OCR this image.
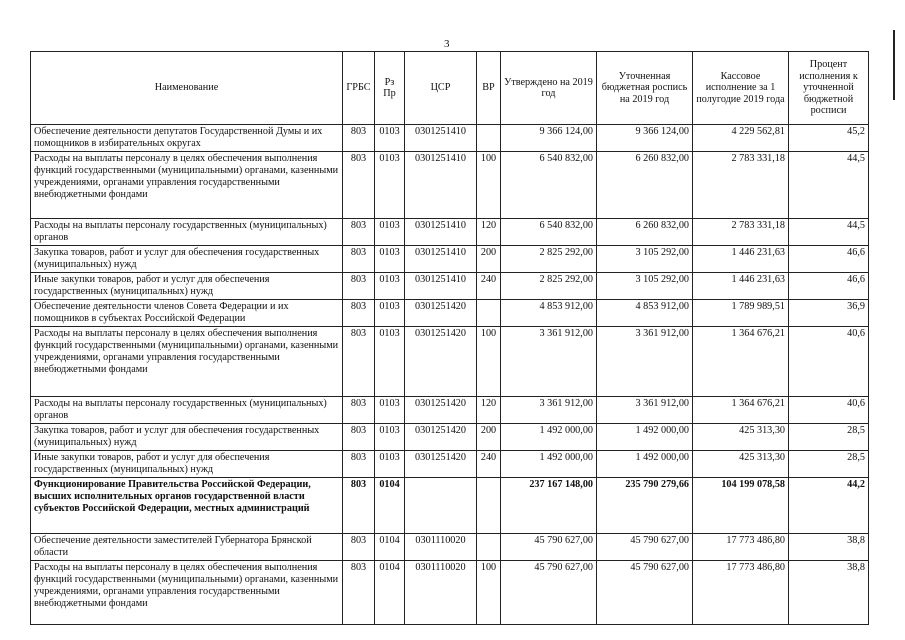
3
Наименование	ГРБС	Рз Пр	ЦСР	ВР	Утверждено на 2019 год	Уточненная бюджетная роспись на 2019 год	Кассовое исполнение за 1 полугодие 2019 года	Процент исполнения к уточненной бюджетной росписи
Обеспечение деятельности депутатов Государственной Думы и их помощников в избирательных округах	803	0103	0301251410		9 366 124,00	9 366 124,00	4 229 562,81	45,2
Расходы на выплаты персоналу в целях обеспечения выполнения функций государственными (муниципальными) органами, казенными учреждениями, органами управления государственными внебюджетными фондами	803	0103	0301251410	100	6 540 832,00	6 260 832,00	2 783 331,18	44,5
Расходы на выплаты персоналу государственных (муниципальных) органов	803	0103	0301251410	120	6 540 832,00	6 260 832,00	2 783 331,18	44,5
Закупка товаров, работ и услуг для обеспечения государственных (муниципальных) нужд	803	0103	0301251410	200	2 825 292,00	3 105 292,00	1 446 231,63	46,6
Иные закупки товаров, работ и услуг для обеспечения государственных (муниципальных) нужд	803	0103	0301251410	240	2 825 292,00	3 105 292,00	1 446 231,63	46,6
Обеспечение деятельности членов Совета Федерации и их помощников в субъектах Российской Федерации	803	0103	0301251420		4 853 912,00	4 853 912,00	1 789 989,51	36,9
Расходы на выплаты персоналу в целях обеспечения выполнения функций государственными (муниципальными) органами, казенными учреждениями, органами управления государственными внебюджетными фондами	803	0103	0301251420	100	3 361 912,00	3 361 912,00	1 364 676,21	40,6
Расходы на выплаты персоналу государственных (муниципальных) органов	803	0103	0301251420	120	3 361 912,00	3 361 912,00	1 364 676,21	40,6
Закупка товаров, работ и услуг для обеспечения государственных (муниципальных) нужд	803	0103	0301251420	200	1 492 000,00	1 492 000,00	425 313,30	28,5
Иные закупки товаров, работ и услуг для обеспечения государственных (муниципальных) нужд	803	0103	0301251420	240	1 492 000,00	1 492 000,00	425 313,30	28,5
Функционирование Правительства Российской Федерации, высших исполнительных органов государственной власти субъектов Российской Федерации, местных администраций	803	0104			237 167 148,00	235 790 279,66	104 199 078,58	44,2
Обеспечение деятельности заместителей Губернатора Брянской области	803	0104	0301110020		45 790 627,00	45 790 627,00	17 773 486,80	38,8
Расходы на выплаты персоналу в целях обеспечения выполнения функций государственными (муниципальными) органами, казенными учреждениями, органами управления государственными внебюджетными фондами	803	0104	0301110020	100	45 790 627,00	45 790 627,00	17 773 486,80	38,8
